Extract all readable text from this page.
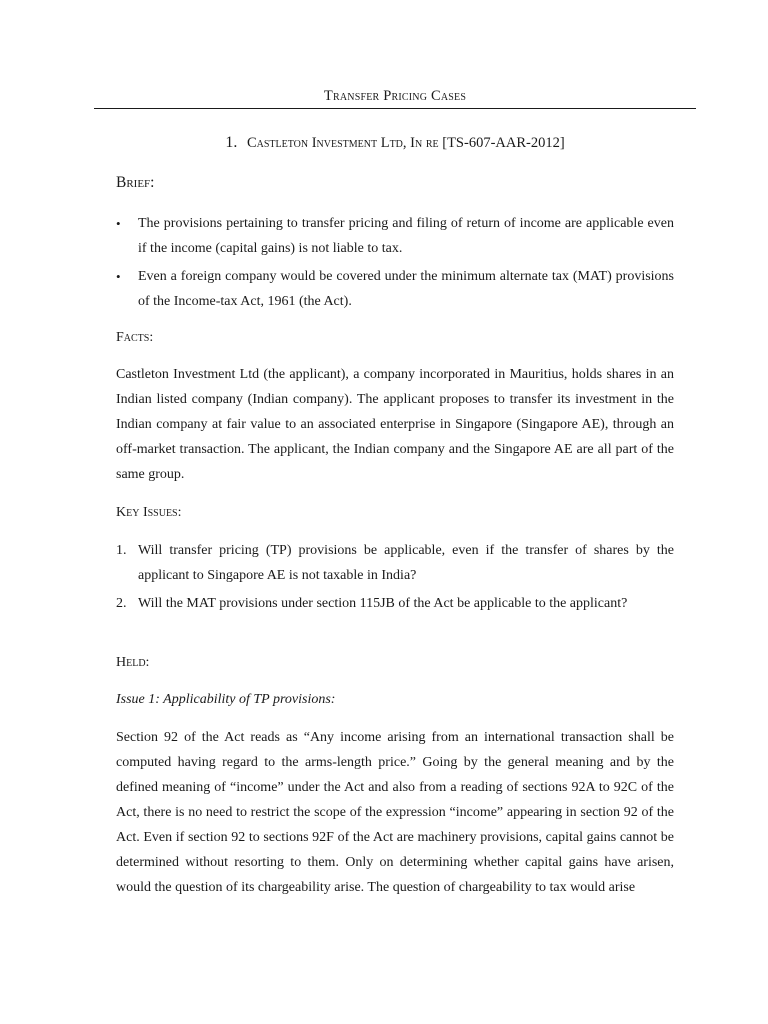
Transfer Pricing Cases
1. Castleton Investment Ltd, In re [TS-607-AAR-2012]
Brief:
• The provisions pertaining to transfer pricing and filing of return of income are applicable even if the income (capital gains) is not liable to tax.
• Even a foreign company would be covered under the minimum alternate tax (MAT) provisions of the Income-tax Act, 1961 (the Act).
Facts:

Castleton Investment Ltd (the applicant), a company incorporated in Mauritius, holds shares in an Indian listed company (Indian company). The applicant proposes to transfer its investment in the Indian company at fair value to an associated enterprise in Singapore (Singapore AE), through an off-market transaction. The applicant, the Indian company and the Singapore AE are all part of the same group.

Key Issues:
1. Will transfer pricing (TP) provisions be applicable, even if the transfer of shares by the applicant to Singapore AE is not taxable in India?
2. Will the MAT provisions under section 115JB of the Act be applicable to the applicant?
Held:
Issue 1: Applicability of TP provisions:

Section 92 of the Act reads as “Any income arising from an international transaction shall be computed having regard to the arms-length price.” Going by the general meaning and by the defined meaning of “income” under the Act and also from a reading of sections 92A to 92C of the Act, there is no need to restrict the scope of the expression “income” appearing in section 92 of the Act. Even if section 92 to sections 92F of the Act are machinery provisions, capital gains cannot be determined without resorting to them. Only on determining whether capital gains have arisen, would the question of its chargeability arise. The question of chargeability to tax would arise
